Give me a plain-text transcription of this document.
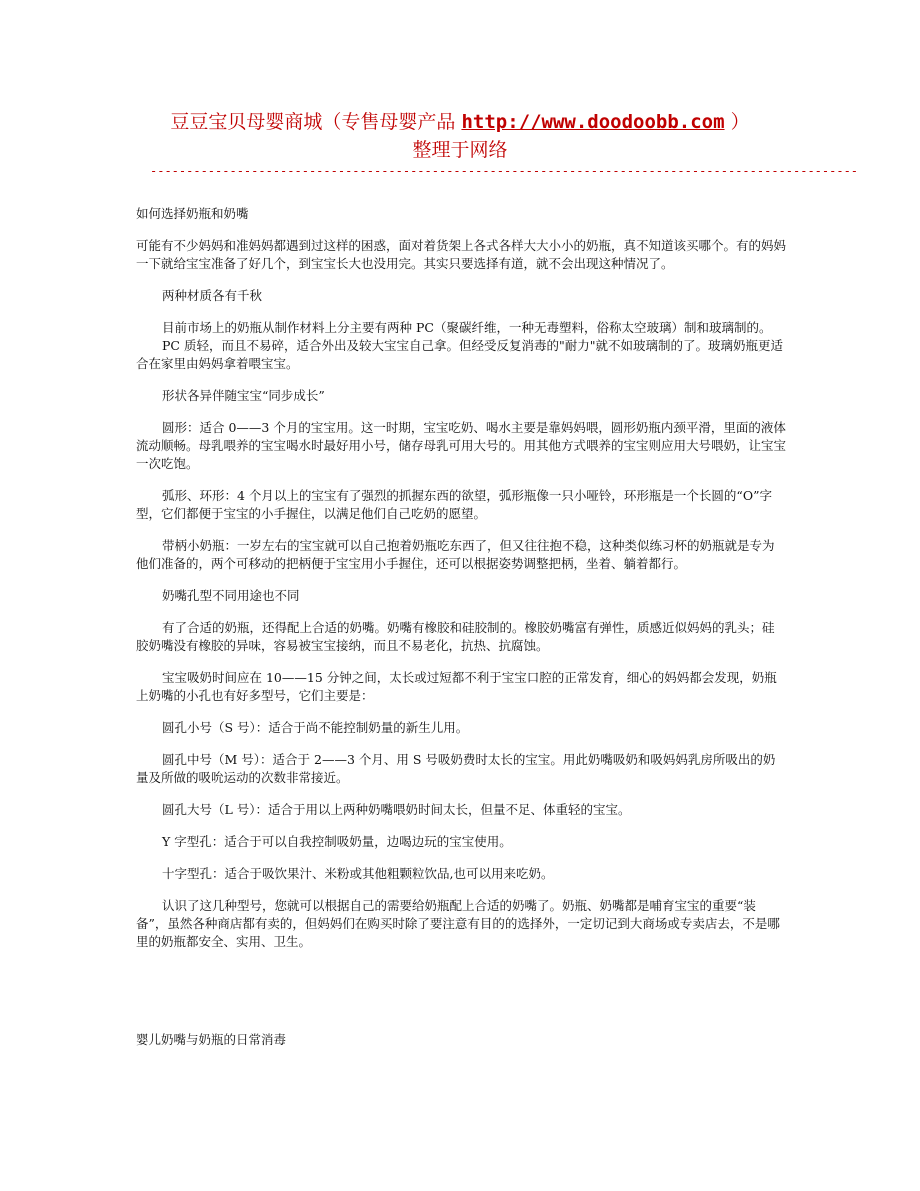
豆豆宝贝母婴商城（专售母婴产品 http://www.doodoobb.com ）
整理于网络
--------------------------------------------------------------------------------------------------

如何选择奶瓶和奶嘴

可能有不少妈妈和准妈妈都遇到过这样的困惑，面对着货架上各式各样大大小小的奶瓶，真不知道该买哪个。有的妈妈一下就给宝宝准备了好几个，到宝宝长大也没用完。其实只要选择有道，就不会出现这种情况了。

两种材质各有千秋

目前市场上的奶瓶从制作材料上分主要有两种 PC（聚碳纤维，一种无毒塑料，俗称太空玻璃）制和玻璃制的。

PC 质轻，而且不易碎，适合外出及较大宝宝自己拿。但经受反复消毒的"耐力"就不如玻璃制的了。玻璃奶瓶更适合在家里由妈妈拿着喂宝宝。

形状各异伴随宝宝“同步成长”

圆形：适合 0——3 个月的宝宝用。这一时期，宝宝吃奶、喝水主要是靠妈妈喂，圆形奶瓶内颈平滑，里面的液体流动顺畅。母乳喂养的宝宝喝水时最好用小号，储存母乳可用大号的。用其他方式喂养的宝宝则应用大号喂奶，让宝宝一次吃饱。

弧形、环形：4 个月以上的宝宝有了强烈的抓握东西的欲望，弧形瓶像一只小哑铃，环形瓶是一个长圆的“O”字型，它们都便于宝宝的小手握住，以满足他们自己吃奶的愿望。

带柄小奶瓶：一岁左右的宝宝就可以自己抱着奶瓶吃东西了，但又往往抱不稳，这种类似练习杯的奶瓶就是专为他们准备的，两个可移动的把柄便于宝宝用小手握住，还可以根据姿势调整把柄，坐着、躺着都行。

奶嘴孔型不同用途也不同

有了合适的奶瓶，还得配上合适的奶嘴。奶嘴有橡胶和硅胶制的。橡胶奶嘴富有弹性，质感近似妈妈的乳头；硅胶奶嘴没有橡胶的异味，容易被宝宝接纳，而且不易老化，抗热、抗腐蚀。

宝宝吸奶时间应在 10——15 分钟之间，太长或过短都不利于宝宝口腔的正常发育，细心的妈妈都会发现，奶瓶上奶嘴的小孔也有好多型号，它们主要是：

圆孔小号（S 号）：适合于尚不能控制奶量的新生儿用。

圆孔中号（M 号）：适合于 2——3 个月、用 S 号吸奶费时太长的宝宝。用此奶嘴吸奶和吸妈妈乳房所吸出的奶量及所做的吸吮运动的次数非常接近。

圆孔大号（L 号）：适合于用以上两种奶嘴喂奶时间太长，但量不足、体重轻的宝宝。

Y 字型孔：适合于可以自我控制吸奶量，边喝边玩的宝宝使用。

十字型孔：适合于吸饮果汁、米粉或其他粗颗粒饮品,也可以用来吃奶。

认识了这几种型号，您就可以根据自己的需要给奶瓶配上合适的奶嘴了。奶瓶、奶嘴都是哺育宝宝的重要“装备”，虽然各种商店都有卖的，但妈妈们在购买时除了要注意有目的的选择外，一定切记到大商场或专卖店去，不是哪里的奶瓶都安全、实用、卫生。

婴儿奶嘴与奶瓶的日常消毒
